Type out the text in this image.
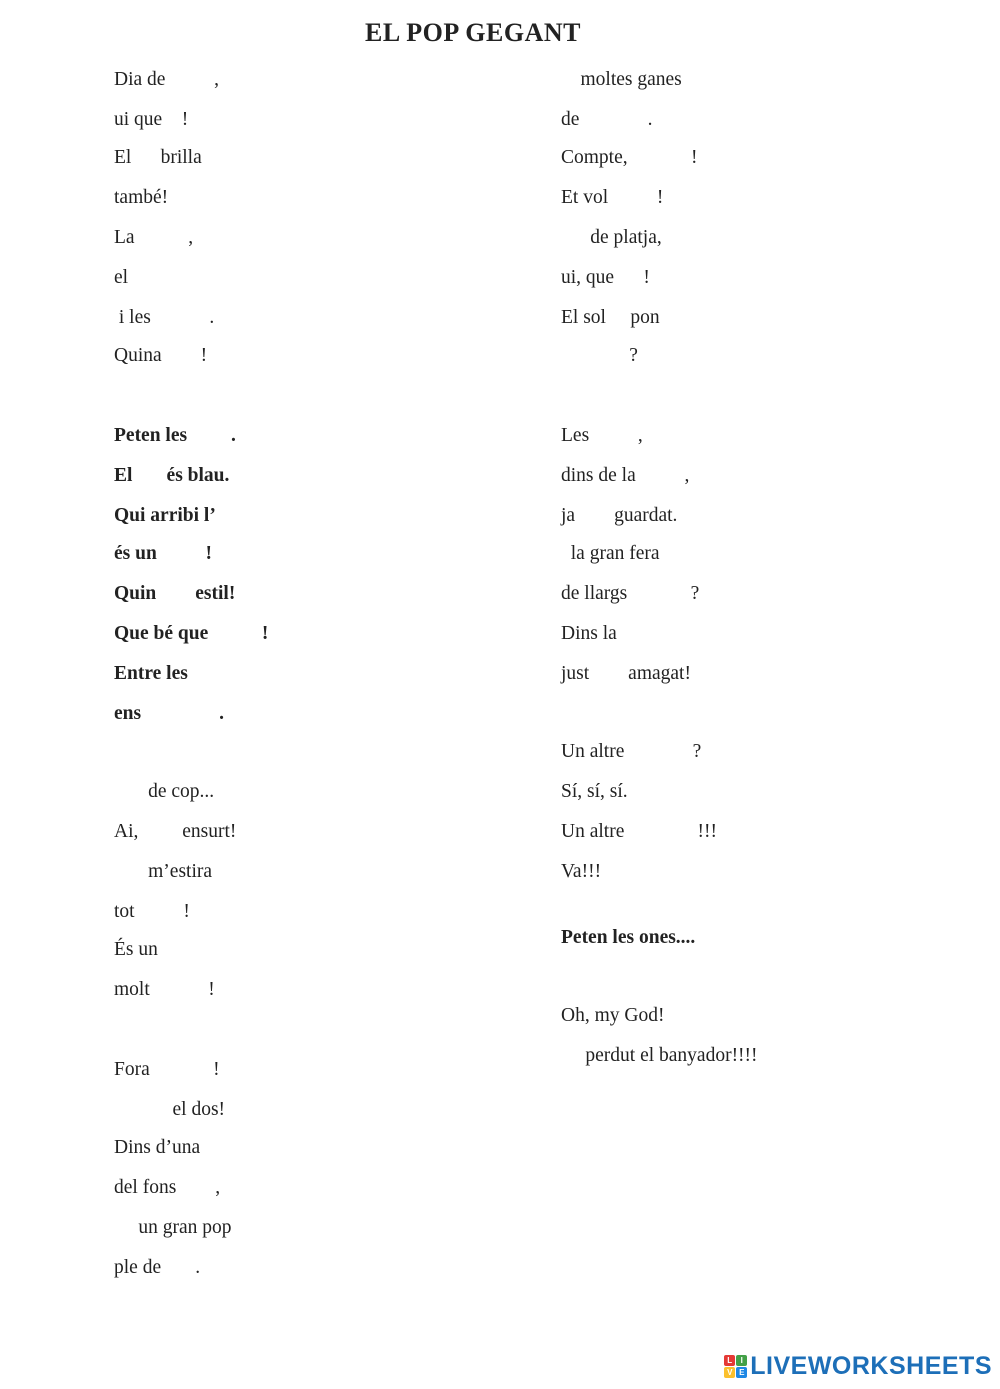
EL POP GEGANT
Dia de          ,
ui que    !
El      brilla
també!
La           ,
el
i les            .
Quina        !
Peten les         .
El       és blau.
Qui arribi l’
és un          !
Quin        estil!
Que bé que           !
Entre les
ens                .
de cop...
Ai,         ensurt!
m’estira
tot          !
És un
molt            !
Fora             !
el dos!
Dins d’una
del fons        ,
un gran pop
ple de       .
moltes ganes
de              .
Compte,             !
Et vol          !
de platja,
ui, que      !
El sol     pon
?
Les          ,
dins de la          ,
ja        guardat.
la gran fera
de llargs             ?
Dins la
just        amagat!
Un altre              ?
Sí, sí, sí.
Un altre               !!!
Va!!!
Peten les ones....
Oh, my God!
perdut el banyador!!!!
L	I
V E LIVEWORKSHEETS
